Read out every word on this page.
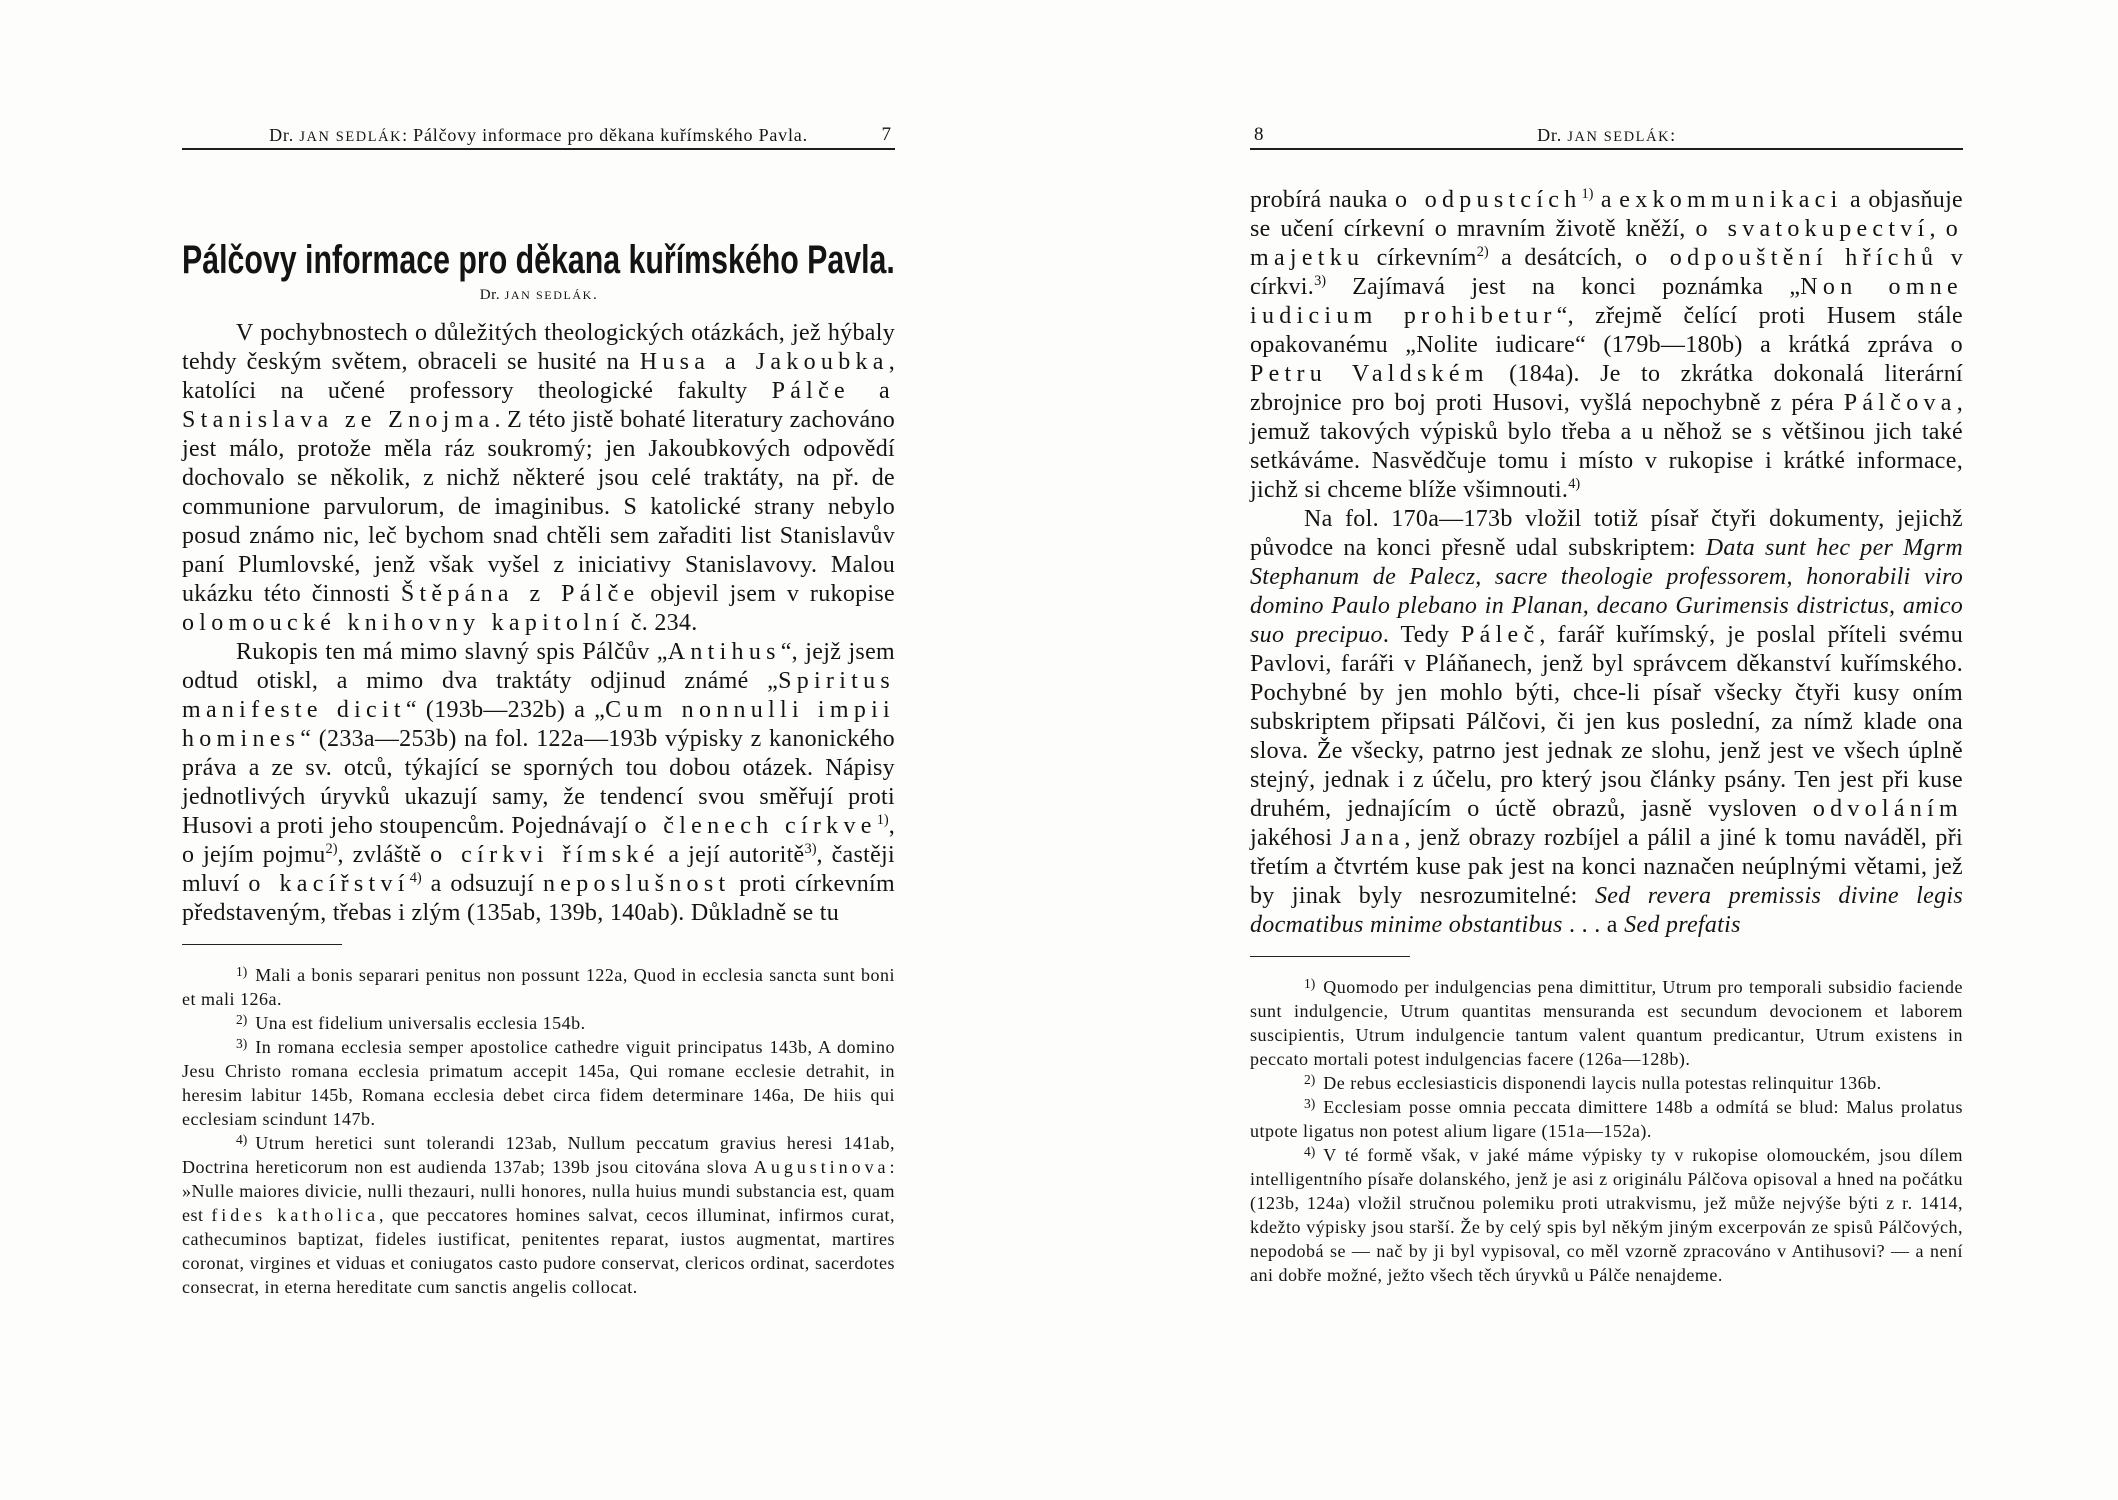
Dr. JAN SEDLÁK: Pálčovy informace pro děkana kuřímského Pavla.	7
Pálčovy informace pro děkana kuřímského Pavla.
Dr. JAN SEDLÁK.

V pochybnostech o důležitých theologických otázkách, jež hýbaly tehdy českým světem, obraceli se husité na Husa a Jakoubka, katolíci na učené professory theologické fakulty Pálče a Stanislava ze Znojma. Z této jistě bohaté literatury zachováno jest málo, protože měla ráz soukromý; jen Jakoubkových odpovědí dochovalo se několik, z nichž některé jsou celé traktáty, na př. de communione parvulorum, de imaginibus. S katolické strany nebylo posud známo nic, leč bychom snad chtěli sem zařaditi list Stanislavův paní Plumlovské, jenž však vyšel z iniciativy Stanislavovy. Malou ukázku této činnosti Štěpána z Pálče objevil jsem v rukopise olomoucké knihovny kapitolní č. 234.

Rukopis ten má mimo slavný spis Pálčův „Antihus“, jejž jsem odtud otiskl, a mimo dva traktáty odjinud známé „Spiritus manifeste dicit“ (193b—232b) a „Cum nonnulli impii homines“ (233a—253b) na fol. 122a—193b výpisky z kanonického práva a ze sv. otců, týkající se sporných tou dobou otázek. Nápisy jednotlivých úryvků ukazují samy, že tendencí svou směřují proti Husovi a proti jeho stoupencům. Pojednávají o členech církve$^{1)}$, o jejím pojmu$^{2)}$, zvláště o církvi římské a její autoritě$^{3)}$, častěji mluví o kacířství$^{4)}$ a odsuzují neposlušnost proti církevním představeným, třebas i zlým (135ab, 139b, 140ab). Důkladně se tu

$^{1)}$ Mali a bonis separari penitus non possunt 122a, Quod in ecclesia sancta sunt boni et mali 126a.

$^{2)}$ Una est fidelium universalis ecclesia 154b.

$^{3)}$ In romana ecclesia semper apostolice cathedre viguit principatus 143b, A domino Jesu Christo romana ecclesia primatum accepit 145a, Qui romane ecclesie detrahit, in heresim labitur 145b, Romana ecclesia debet circa fidem determinare 146a, De hiis qui ecclesiam scindunt 147b.

$^{4)}$ Utrum heretici sunt tolerandi 123ab, Nullum peccatum gravius heresi 141ab, Doctrina hereticorum non est audienda 137ab; 139b jsou citována slova Augustinova: »Nulle maiores divicie, nulli thezauri, nulli honores, nulla huius mundi substancia est, quam est fides katholica, que peccatores homines salvat, cecos illuminat, infirmos curat, cathecuminos baptizat, fideles iustificat, penitentes reparat, iustos augmentat, martires coronat, virgines et viduas et coniugatos casto pudore conservat, clericos ordinat, sacerdotes consecrat, in eterna hereditate cum sanctis angelis collocat.

8	Dr. JAN SEDLÁK:

probírá nauka o odpustcích$^{1)}$ a exkommunikaci a objasňuje se učení církevní o mravním životě kněží, o svatokupectví, o majetku církevním$^{2)}$ a desátcích, o odpouštění hříchů v církvi.$^{3)}$ Zajímavá jest na konci poznámka „Non omne iudicium prohibetur“, zřejmě čelící proti Husem stále opakovanému „Nolite iudicare“ (179b—180b) a krátká zpráva o Petru Valdském (184a). Je to zkrátka dokonalá literární zbrojnice pro boj proti Husovi, vyšlá nepochybně z péra Pálčova, jemuž takových výpisků bylo třeba a u něhož se s většinou jich také setkáváme. Nasvědčuje tomu i místo v rukopise i krátké informace, jichž si chceme blíže všimnouti.$^{4)}$

Na fol. 170a—173b vložil totiž písař čtyři dokumenty, jejichž původce na konci přesně udal subskriptem: Data sunt hec per Mgrm Stephanum de Palecz, sacre theologie professorem, honorabili viro domino Paulo plebano in Planan, decano Gurimensis districtus, amico suo precipuo. Tedy Páleč, farář kuřímský, je poslal příteli svému Pavlovi, faráři v Pláňanech, jenž byl správcem děkanství kuřímského. Pochybné by jen mohlo býti, chce-li písař všecky čtyři kusy oním subskriptem připsati Pálčovi, či jen kus poslední, za nímž klade ona slova. Že všecky, patrno jest jednak ze slohu, jenž jest ve všech úplně stejný, jednak i z účelu, pro který jsou články psány. Ten jest při kuse druhém, jednajícím o úctě obrazů, jasně vysloven odvoláním jakéhosi Jana, jenž obrazy rozbíjel a pálil a jiné k tomu naváděl, při třetím a čtvrtém kuse pak jest na konci naznačen neúplnými větami, jež by jinak byly nesrozumitelné: Sed revera premissis divine legis docmatibus minime obstantibus . . . a Sed prefatis

$^{1)}$ Quomodo per indulgencias pena dimittitur, Utrum pro temporali subsidio faciende sunt indulgencie, Utrum quantitas mensuranda est secundum devocionem et laborem suscipientis, Utrum indulgencie tantum valent quantum predicantur, Utrum existens in peccato mortali potest indulgencias facere (126a—128b).

$^{2)}$ De rebus ecclesiasticis disponendi laycis nulla potestas relinquitur 136b.

$^{3)}$ Ecclesiam posse omnia peccata dimittere 148b a odmítá se blud: Malus prolatus utpote ligatus non potest alium ligare (151a—152a).

$^{4)}$ V té formě však, v jaké máme výpisky ty v rukopise olomouckém, jsou dílem intelligentního písaře dolanského, jenž je asi z originálu Pálčova opisoval a hned na počátku (123b, 124a) vložil stručnou polemiku proti utrakvismu, jež může nejvýše býti z r. 1414, kdežto výpisky jsou starší. Že by celý spis byl někým jiným excerpován ze spisů Pálčových, nepodobá se — nač by ji byl vypisoval, co měl vzorně zpracováno v Antihusovi? — a není ani dobře možné, ježto všech těch úryvků u Pálče nenajdeme.
